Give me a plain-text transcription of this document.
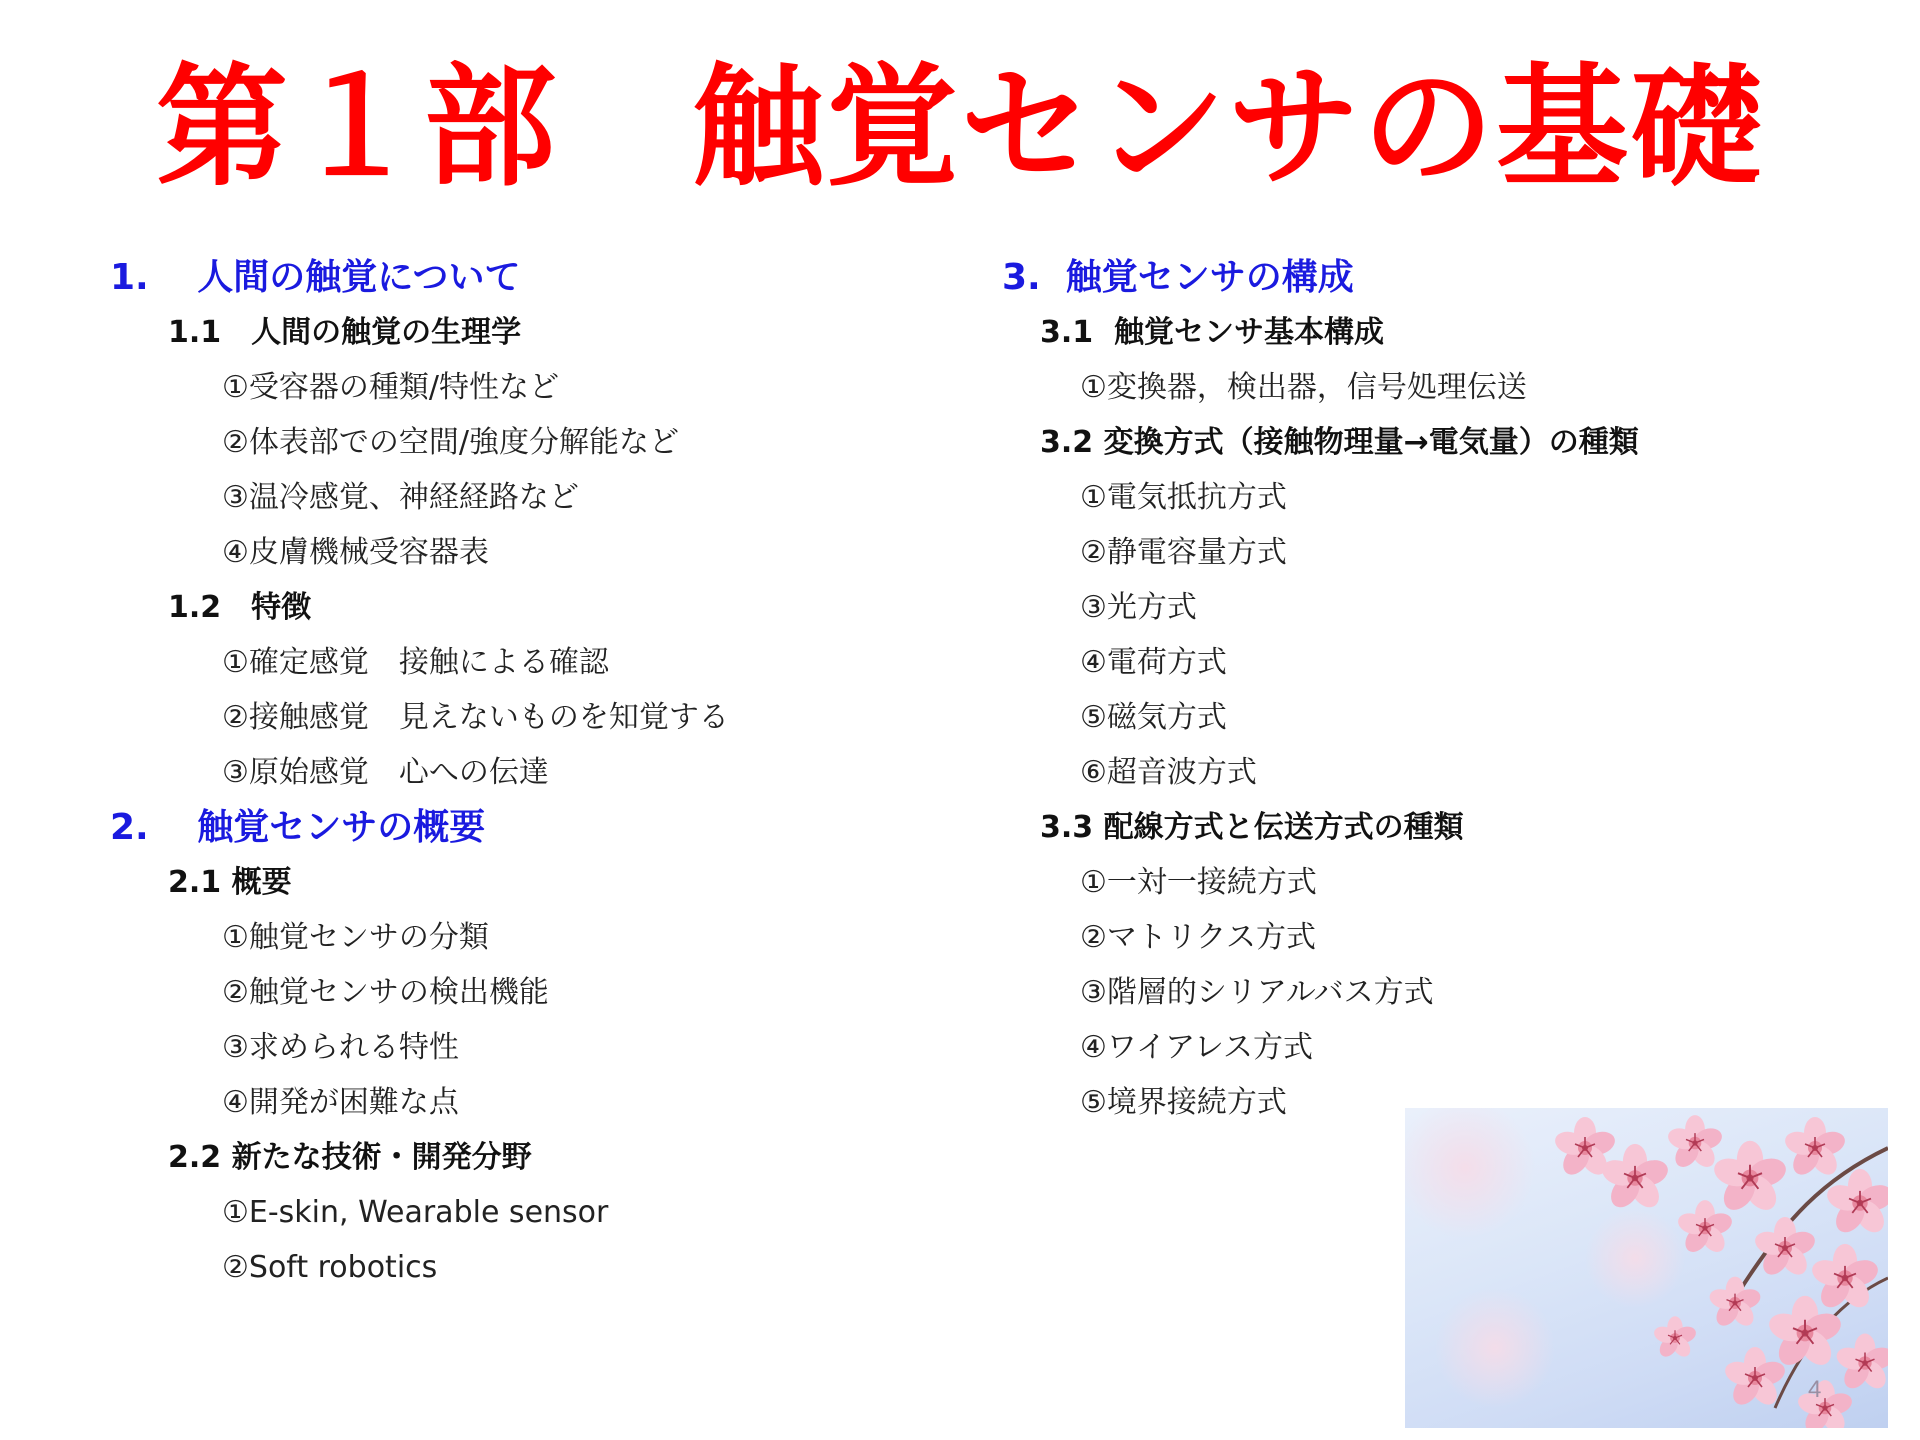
第１部　触覚センサの基礎
1.　 人間の触覚について
1.1　人間の触覚の生理学
①受容器の種類/特性など
②体表部での空間/強度分解能など
③温冷感覚、神経経路など
④皮膚機械受容器表
1.2　特徴
①確定感覚　接触による確認
②接触感覚　見えないものを知覚する
③原始感覚　心への伝達
2.　 触覚センサの概要
2.1 概要
①触覚センサの分類
②触覚センサの検出機能
③求められる特性
④開発が困難な点
2.2 新たな技術・開発分野
①E-skin, Wearable sensor
②Soft robotics
3.  触覚センサの構成
3.1  触覚センサ基本構成
①変換器，検出器，信号処理伝送
3.2 変換方式（接触物理量→電気量）の種類
①電気抵抗方式
②静電容量方式
③光方式
④電荷方式
⑤磁気方式
⑥超音波方式
3.3 配線方式と伝送方式の種類
①一対一接続方式
②マトリクス方式
③階層的シリアルバス方式
④ワイアレス方式
⑤境界接続方式
4
